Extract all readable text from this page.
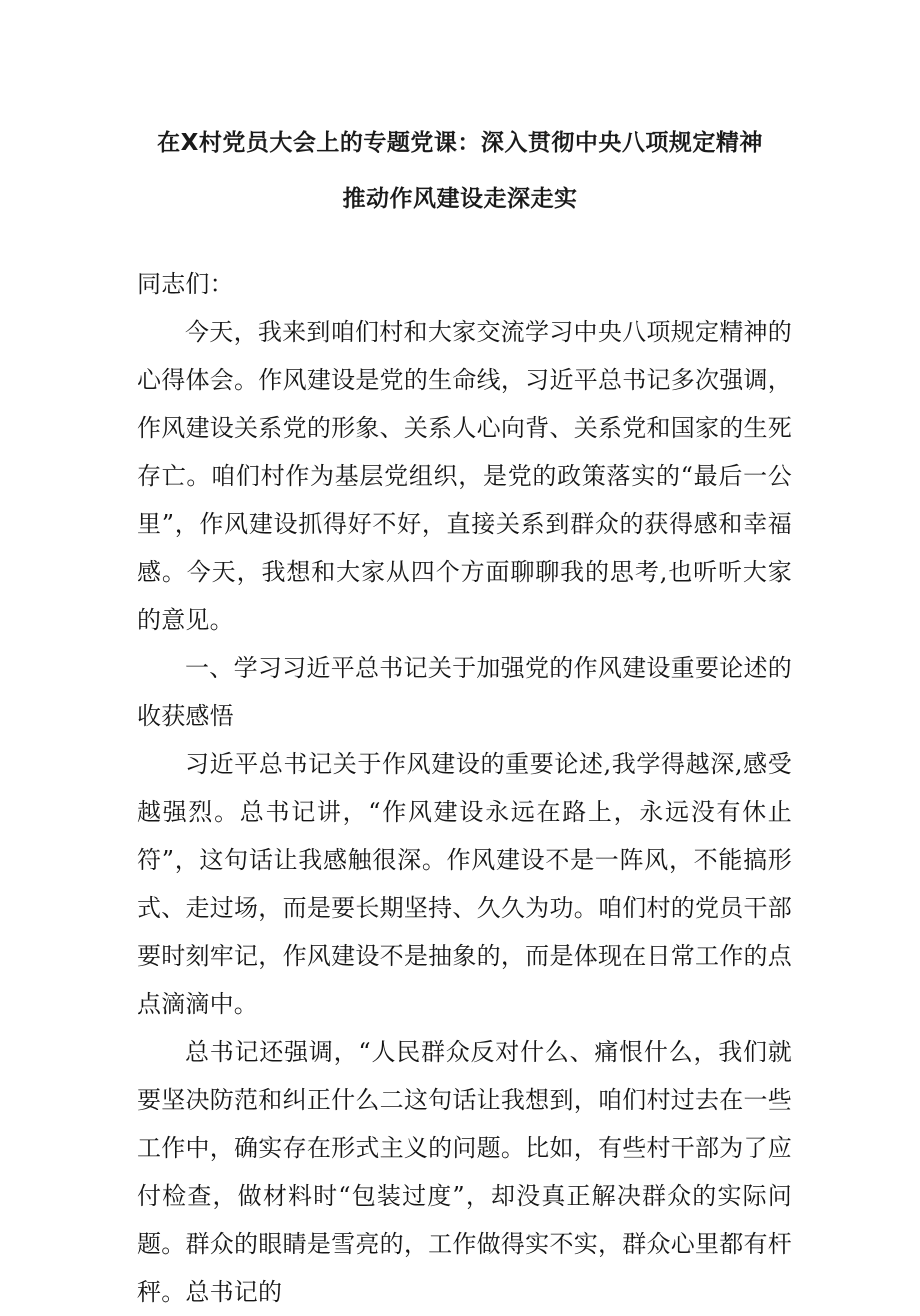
在X村党员大会上的专题党课：深入贯彻中央八项规定精神
推动作风建设走深走实

同志们：

今天，我来到咱们村和大家交流学习中央八项规定精神的心得体会。作风建设是党的生命线，习近平总书记多次强调，作风建设关系党的形象、关系人心向背、关系党和国家的生死存亡。咱们村作为基层党组织，是党的政策落实的“最后一公里”，作风建设抓得好不好，直接关系到群众的获得感和幸福感。今天，我想和大家从四个方面聊聊我的思考,也听听大家的意见。

一、学习习近平总书记关于加强党的作风建设重要论述的收获感悟

习近平总书记关于作风建设的重要论述,我学得越深,感受越强烈。总书记讲，“作风建设永远在路上，永远没有休止符”，这句话让我感触很深。作风建设不是一阵风，不能搞形式、走过场，而是要长期坚持、久久为功。咱们村的党员干部要时刻牢记，作风建设不是抽象的，而是体现在日常工作的点点滴滴中。

总书记还强调，“人民群众反对什么、痛恨什么，我们就要坚决防范和纠正什么二这句话让我想到，咱们村过去在一些工作中，确实存在形式主义的问题。比如，有些村干部为了应付检查，做材料时“包装过度”，却没真正解决群众的实际问题。群众的眼睛是雪亮的，工作做得实不实，群众心里都有杆秤。总书记的
